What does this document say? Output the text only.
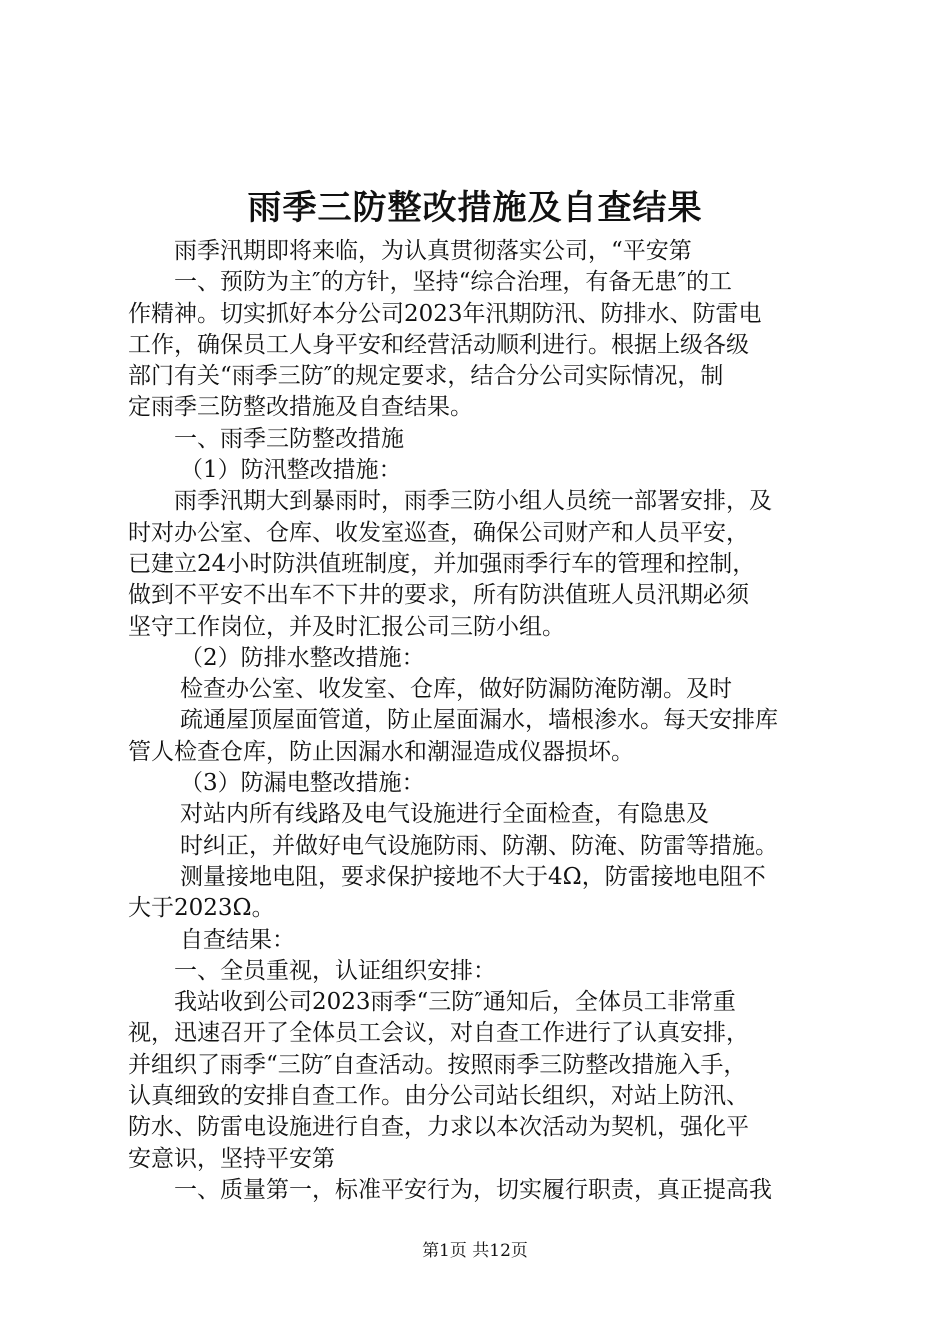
雨季三防整改措施及自查结果
雨季汛期即将来临，为认真贯彻落实公司，“平安第
一、预防为主″的方针，坚持“综合治理，有备无患″的工
作精神。切实抓好本分公司2023年汛期防汛、防排水、防雷电
工作，确保员工人身平安和经营活动顺利进行。根据上级各级
部门有关“雨季三防″的规定要求，结合分公司实际情况，制
定雨季三防整改措施及自查结果。
一、雨季三防整改措施
（1）防汛整改措施：
雨季汛期大到暴雨时，雨季三防小组人员统一部署安排，及
时对办公室、仓库、收发室巡查，确保公司财产和人员平安，
已建立24小时防洪值班制度，并加强雨季行车的管理和控制，
做到不平安不出车不下井的要求，所有防洪值班人员汛期必须
坚守工作岗位，并及时汇报公司三防小组。
（2）防排水整改措施：
检查办公室、收发室、仓库，做好防漏防淹防潮。及时
疏通屋顶屋面管道，防止屋面漏水，墙根渗水。每天安排库
管人检查仓库，防止因漏水和潮湿造成仪器损坏。
（3）防漏电整改措施：
对站内所有线路及电气设施进行全面检查，有隐患及
时纠正，并做好电气设施防雨、防潮、防淹、防雷等措施。
测量接地电阻，要求保护接地不大于4Ω，防雷接地电阻不
大于2023Ω。
自查结果：
一、全员重视，认证组织安排：
我站收到公司2023雨季“三防″通知后，全体员工非常重
视，迅速召开了全体员工会议，对自查工作进行了认真安排，
并组织了雨季“三防″自查活动。按照雨季三防整改措施入手，
认真细致的安排自查工作。由分公司站长组织，对站上防汛、
防水、防雷电设施进行自查，力求以本次活动为契机，强化平
安意识，坚持平安第
一、质量第一，标准平安行为，切实履行职责，真正提高我
第1页 共12页
